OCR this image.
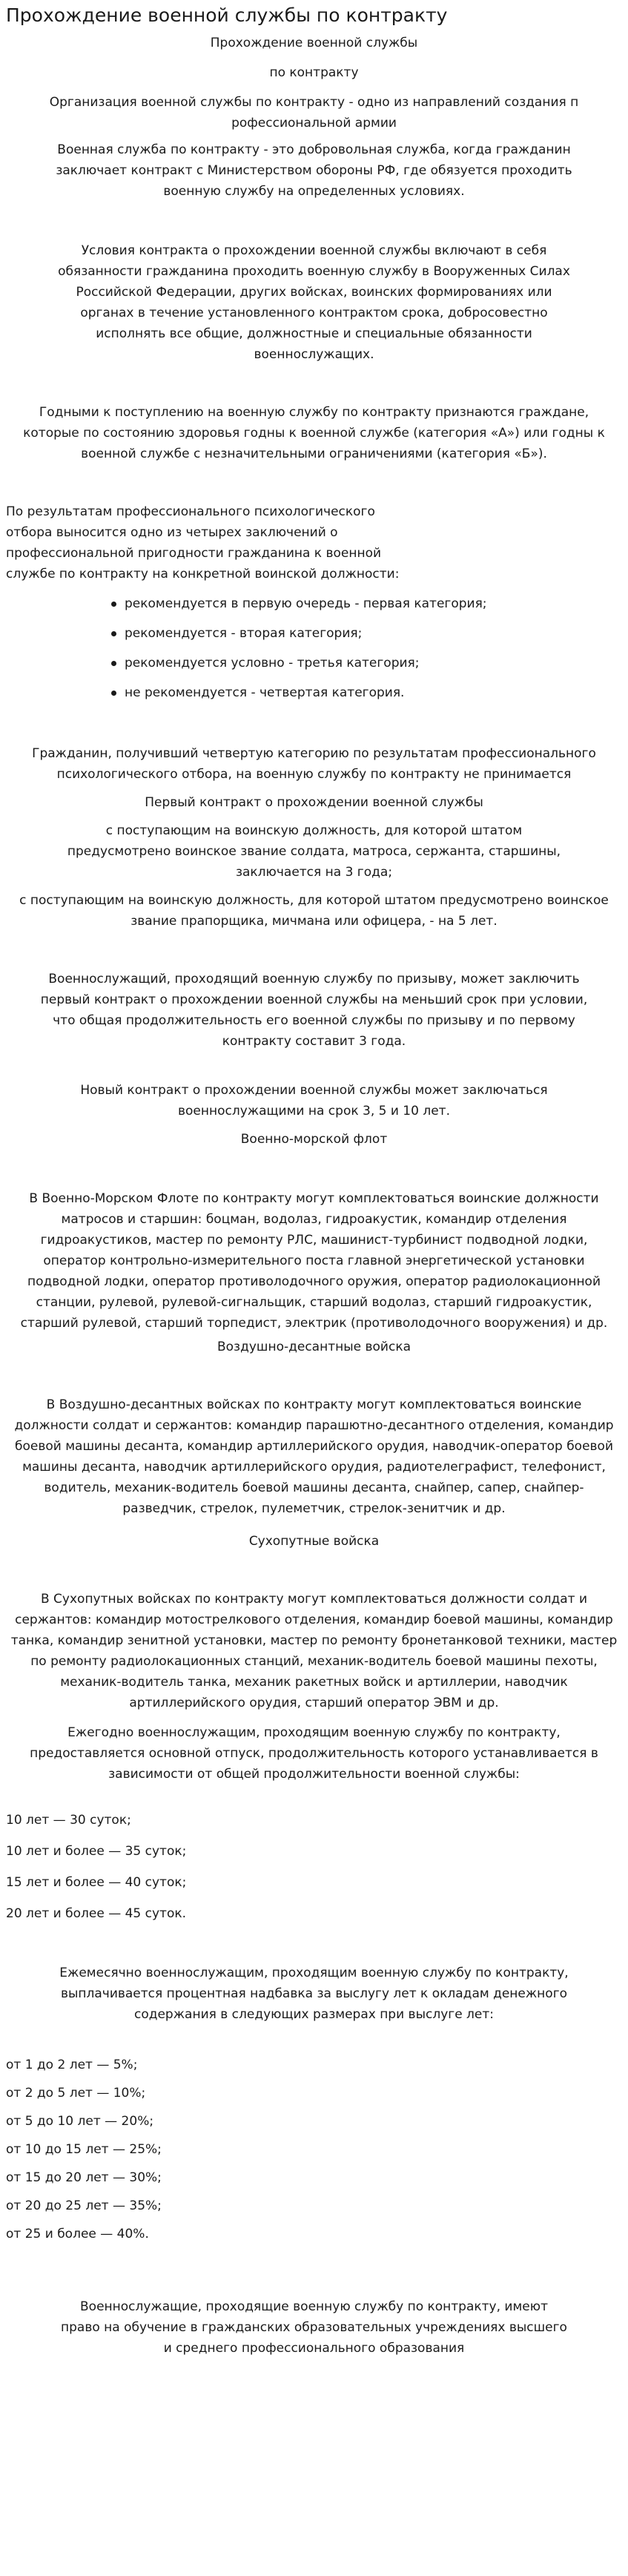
Прохождение военной службы по контракту

Прохождение военной службы

по контракту

Организация военной службы по контракту - одно из направлений создания п рофессиональной армии

Военная служба по контракту - это добровольная служба, когда гражданин заключает контракт с Министерством обороны РФ, где обязуется проходить военную службу на определенных условиях.

Условия контракта о прохождении военной службы включают в себя обязанности гражданина проходить военную службу в Вооруженных Силах Российской Федерации, других войсках, воинских формированиях или органах в течение установленного контрактом срока, добросовестно исполнять все общие, должностные и специальные обязанности военнослужащих.

Годными к поступлению на военную службу по контракту признаются граждане, которые по состоянию здоровья годны к военной службе (категория «А») или годны к военной службе с незначительными ограничениями (категория «Б»).

По результатам профессионального психологического отбора выносится одно из четырех заключений о профессиональной пригодности гражданина к военной службе по контракту на конкретной воинской должности:

рекомендуется в первую очередь - первая категория;
рекомендуется - вторая категория;
рекомендуется условно - третья категория;
не рекомендуется - четвертая категория.

Гражданин, получивший четвертую категорию по результатам профессионального психологического отбора, на военную службу по контракту не принимается

Первый контракт о прохождении военной службы

с поступающим на воинскую должность, для которой штатом предусмотрено воинское звание солдата, матроса, сержанта, старшины, заключается на 3 года;

с поступающим на воинскую должность, для которой штатом предусмотрено воинское звание прапорщика, мичмана или офицера, - на 5 лет.

Военнослужащий, проходящий военную службу по призыву, может заключить первый контракт о прохождении военной службы на меньший срок при условии, что общая продолжительность его военной службы по призыву и по первому контракту составит 3 года.

Новый контракт о прохождении военной службы может заключаться военнослужащими на срок 3, 5 и 10 лет.

Военно-морской флот

В Военно-Морском Флоте по контракту могут комплектоваться воинские должности матросов и старшин: боцман, водолаз, гидроакустик, командир отделения гидроакустиков, мастер по ремонту РЛС, машинист-турбинист подводной лодки, оператор контрольно-измерительного поста главной энергетической установки подводной лодки, оператор противолодочного оружия, оператор радиолокационной станции, рулевой, рулевой-сигнальщик, старший водолаз, старший гидроакустик, старший рулевой, старший торпедист, электрик (противолодочного вооружения) и др.

Воздушно-десантные войска

В Воздушно-десантных войсках по контракту могут комплектоваться воинские должности солдат и сержантов: командир парашютно-десантного отделения, командир боевой машины десанта, командир артиллерийского орудия, наводчик-оператор боевой машины десанта, наводчик артиллерийского орудия, радиотелеграфист, телефонист, водитель, механик-водитель боевой машины десанта, снайпер, сапер, снайпер-разведчик, стрелок, пулеметчик, стрелок-зенитчик и др.

Сухопутные войска

В Сухопутных войсках по контракту могут комплектоваться должности солдат и сержантов: командир мотострелкового отделения, командир боевой машины, командир танка, командир зенитной установки, мастер по ремонту бронетанковой техники, мастер по ремонту радиолокационных станций, механик-водитель боевой машины пехоты, механик-водитель танка, механик ракетных войск и артиллерии, наводчик артиллерийского орудия, старший оператор ЭВМ и др.

Ежегодно военнослужащим, проходящим военную службу по контракту, предоставляется основной отпуск, продолжительность которого устанавливается в зависимости от общей продолжительности военной службы:

10 лет — 30 суток;

10 лет и более — 35 суток;

15 лет и более — 40 суток;

20 лет и более — 45 суток.

Ежемесячно военнослужащим, проходящим военную службу по контракту, выплачивается процентная надбавка за выслугу лет к окладам денежного содержания в следующих размерах при выслуге лет:

от 1 до 2 лет — 5%;

от 2 до 5 лет — 10%;

от 5 до 10 лет — 20%;

от 10 до 15 лет — 25%;

от 15 до 20 лет — 30%;

от 20 до 25 лет — 35%;

от 25 и более — 40%.

Военнослужащие, проходящие военную службу по контракту, имеют право на обучение в гражданских образовательных учреждениях высшего и среднего профессионального образования
